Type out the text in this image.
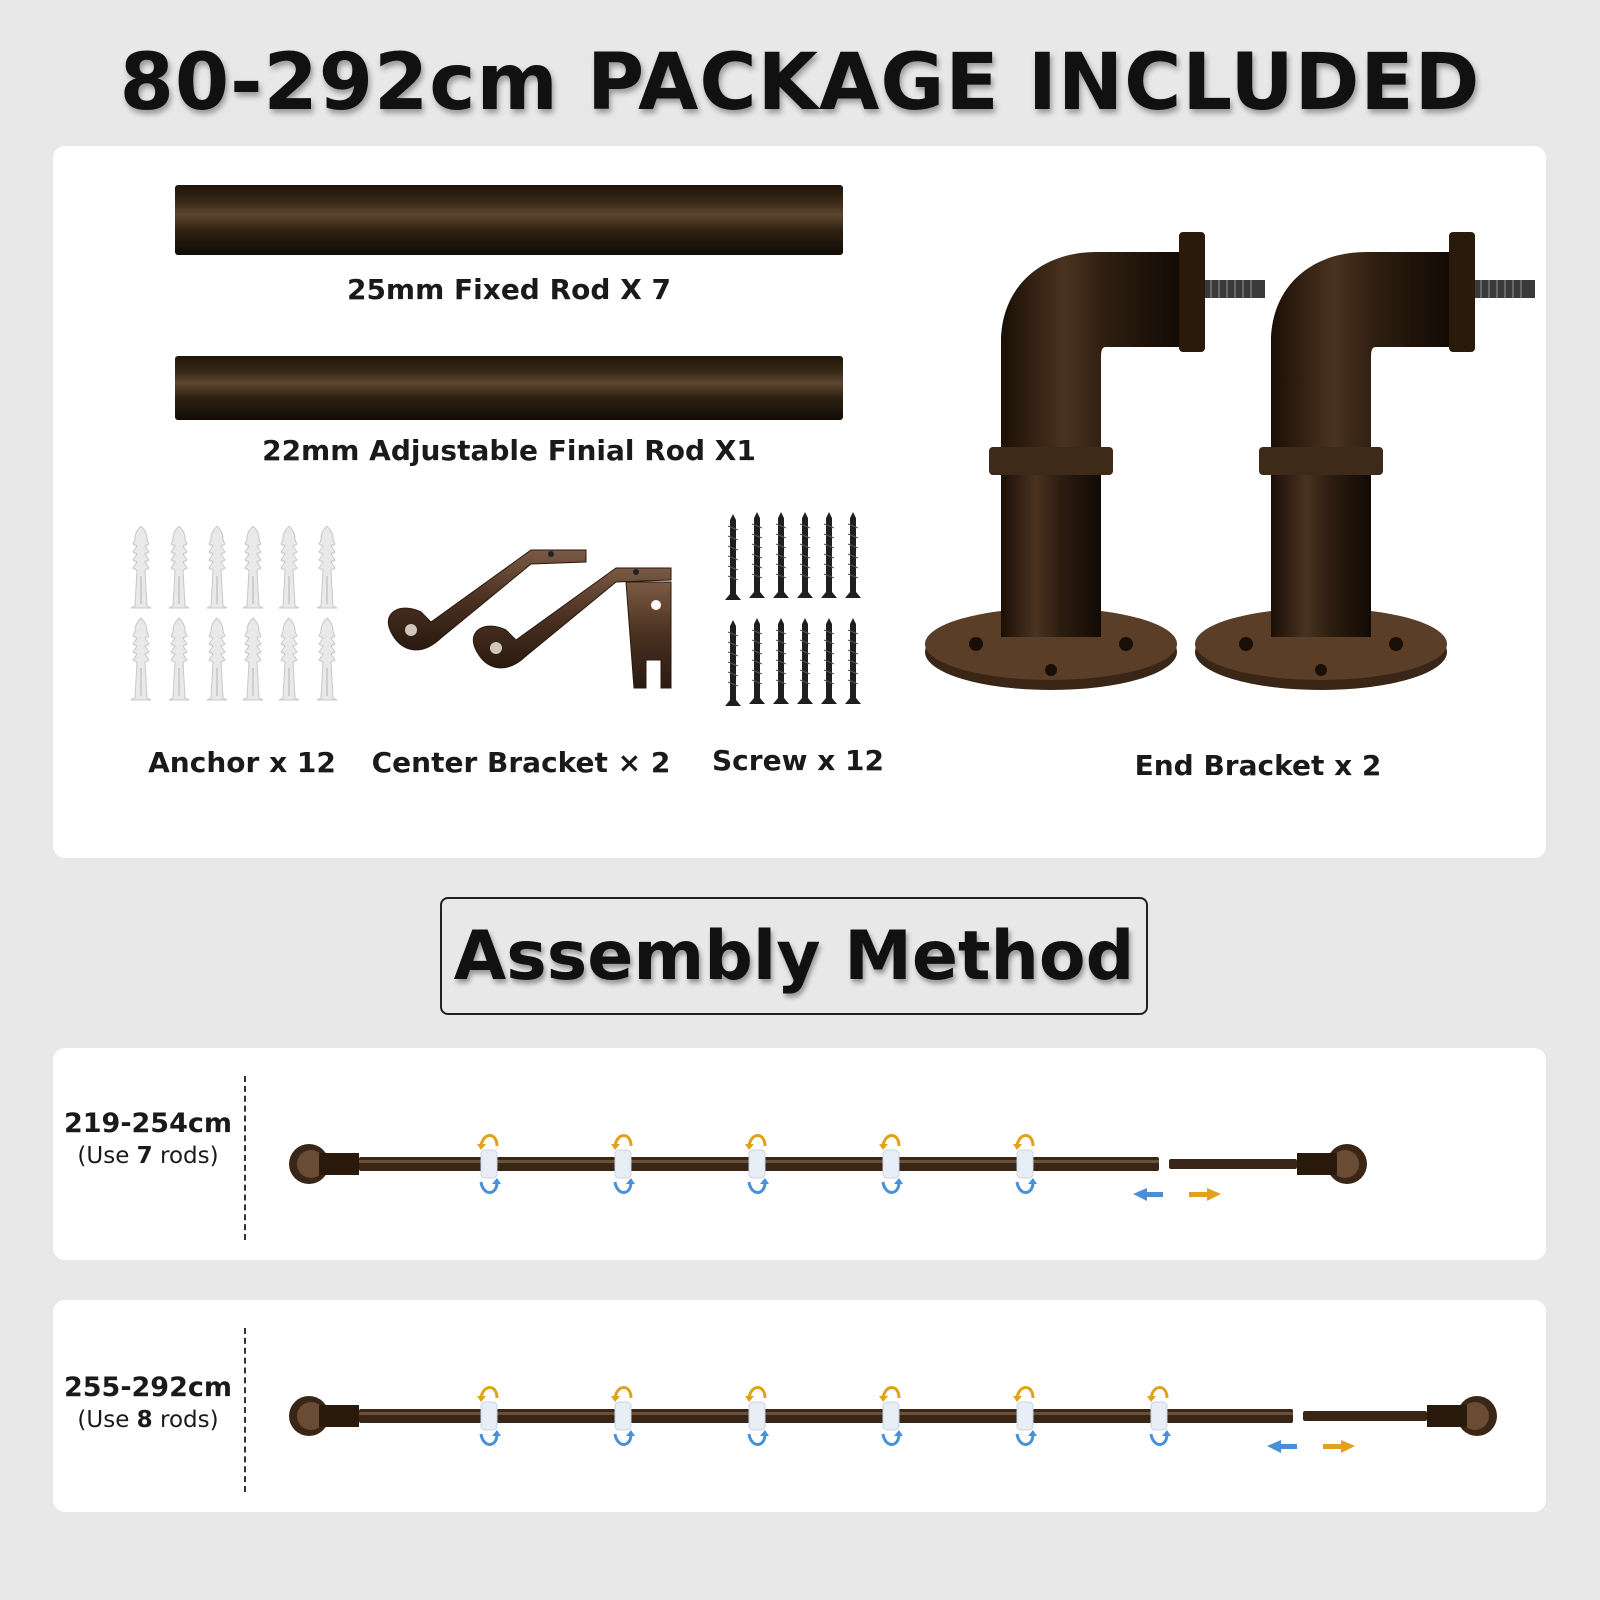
80-292cm PACKAGE INCLUDED
25mm Fixed Rod X 7
22mm Adjustable Finial Rod X1
Anchor x 12	Center Bracket × 2	Screw x 12	End Bracket x 2
Assembly Method
219-254cm
(Use 7 rods)
255-292cm
(Use 8 rods)
